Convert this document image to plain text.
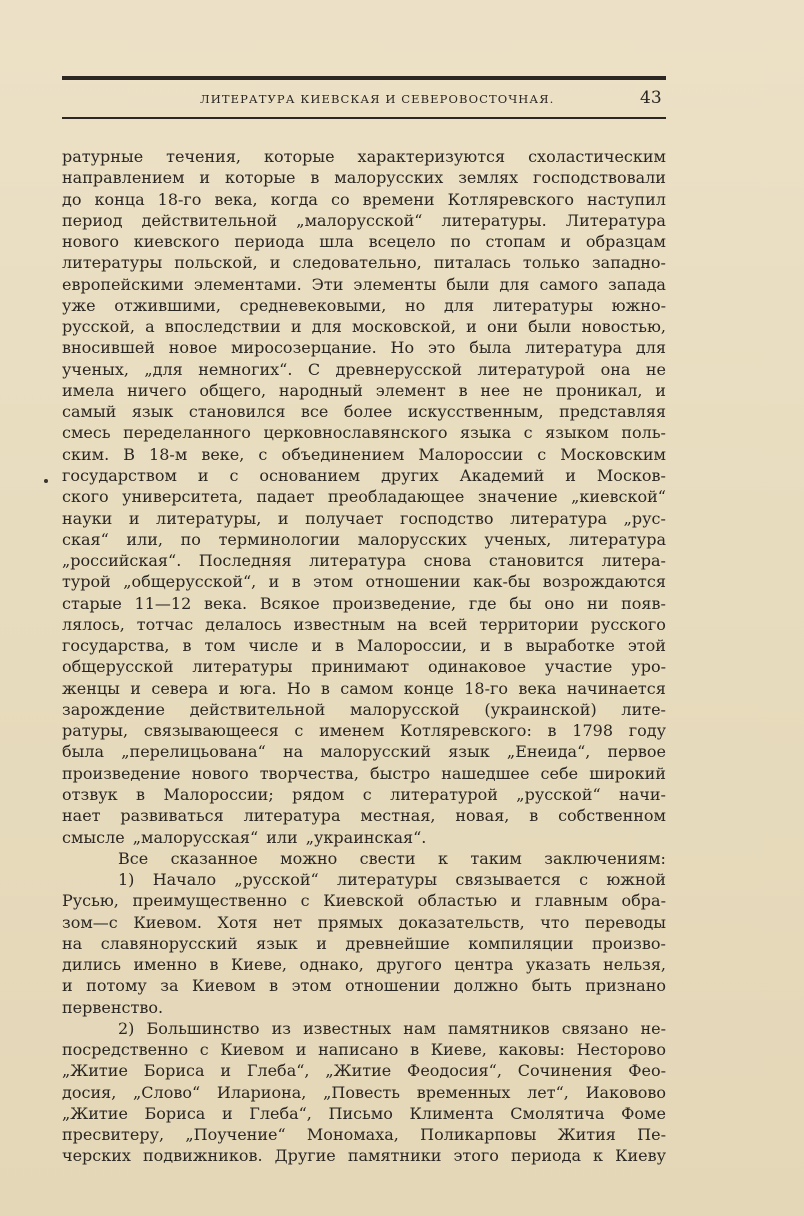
ЛИТЕРАТУРА КИЕВСКАЯ И СЕВЕРОВОСТОЧНАЯ.	43
ратурные течения, которые характеризуются схоластическим
направлением и которые в малорусских землях господствовали
до конца 18-го века, когда со времени Котляревского наступил
период действительной „малорусской“ литературы. Литература
нового киевского периода шла всецело по стопам и образцам
литературы польской, и следовательно, питалась только западно-
европейскими элементами. Эти элементы были для самого запада
уже отжившими, средневековыми, но для литературы южно-
русской, а впоследствии и для московской, и они были новостью,
вносившей новое миросозерцание. Но это была литература для
ученых, „для немногих“. С древнерусской литературой она не
имела ничего общего, народный элемент в нее не проникал, и
самый язык становился все более искусственным, представляя
смесь переделанного церковнославянского языка с языком поль-
ским. В 18-м веке, с объединением Малороссии с Московским
государством и с основанием других Академий и Москов-
ского университета, падает преобладающее значение „киевской“
науки и литературы, и получает господство литература „рус-
ская“ или, по терминологии малорусских ученых, литература
„российская“. Последняя литература снова становится литера-
турой „общерусской“, и в этом отношении как-бы возрождаются
старые 11—12 века. Всякое произведение, где бы оно ни появ-
лялось, тотчас делалось известным на всей территории русского
государства, в том числе и в Малороссии, и в выработке этой
общерусской литературы принимают одинаковое участие уро-
женцы и севера и юга. Но в самом конце 18-го века начинается
зарождение действительной малорусской (украинской) лите-
ратуры, связывающееся с именем Котляревского: в 1798 году
была „перелицьована“ на малорусский язык „Енеида“, первое
произведение нового творчества, быстро нашедшее себе широкий
отзвук в Малороссии; рядом с литературой „русской“ начи-
нает развиваться литература местная, новая, в собственном
смысле „малорусская“ или „украинская“.
Все сказанное можно свести к таким заключениям:
1) Начало „русской“ литературы связывается с южной
Русью, преимущественно с Киевской областью и главным обра-
зом—с Киевом. Хотя нет прямых доказательств, что переводы
на славянорусский язык и древнейшие компиляции произво-
дились именно в Киеве, однако, другого центра указать нельзя,
и потому за Киевом в этом отношении должно быть признано
первенство.
2) Большинство из известных нам памятников связано не-
посредственно с Киевом и написано в Киеве, каковы: Несторово
„Житие Бориса и Глеба“, „Житие Феодосия“, Сочинения Фео-
досия, „Слово“ Илариона, „Повесть временных лет“, Иаковово
„Житие Бориса и Глеба“, Письмо Климента Смолятича Фоме
пресвитеру, „Поучение“ Мономаха, Поликарповы Жития Пе-
черских подвижников. Другие памятники этого периода к Киеву
